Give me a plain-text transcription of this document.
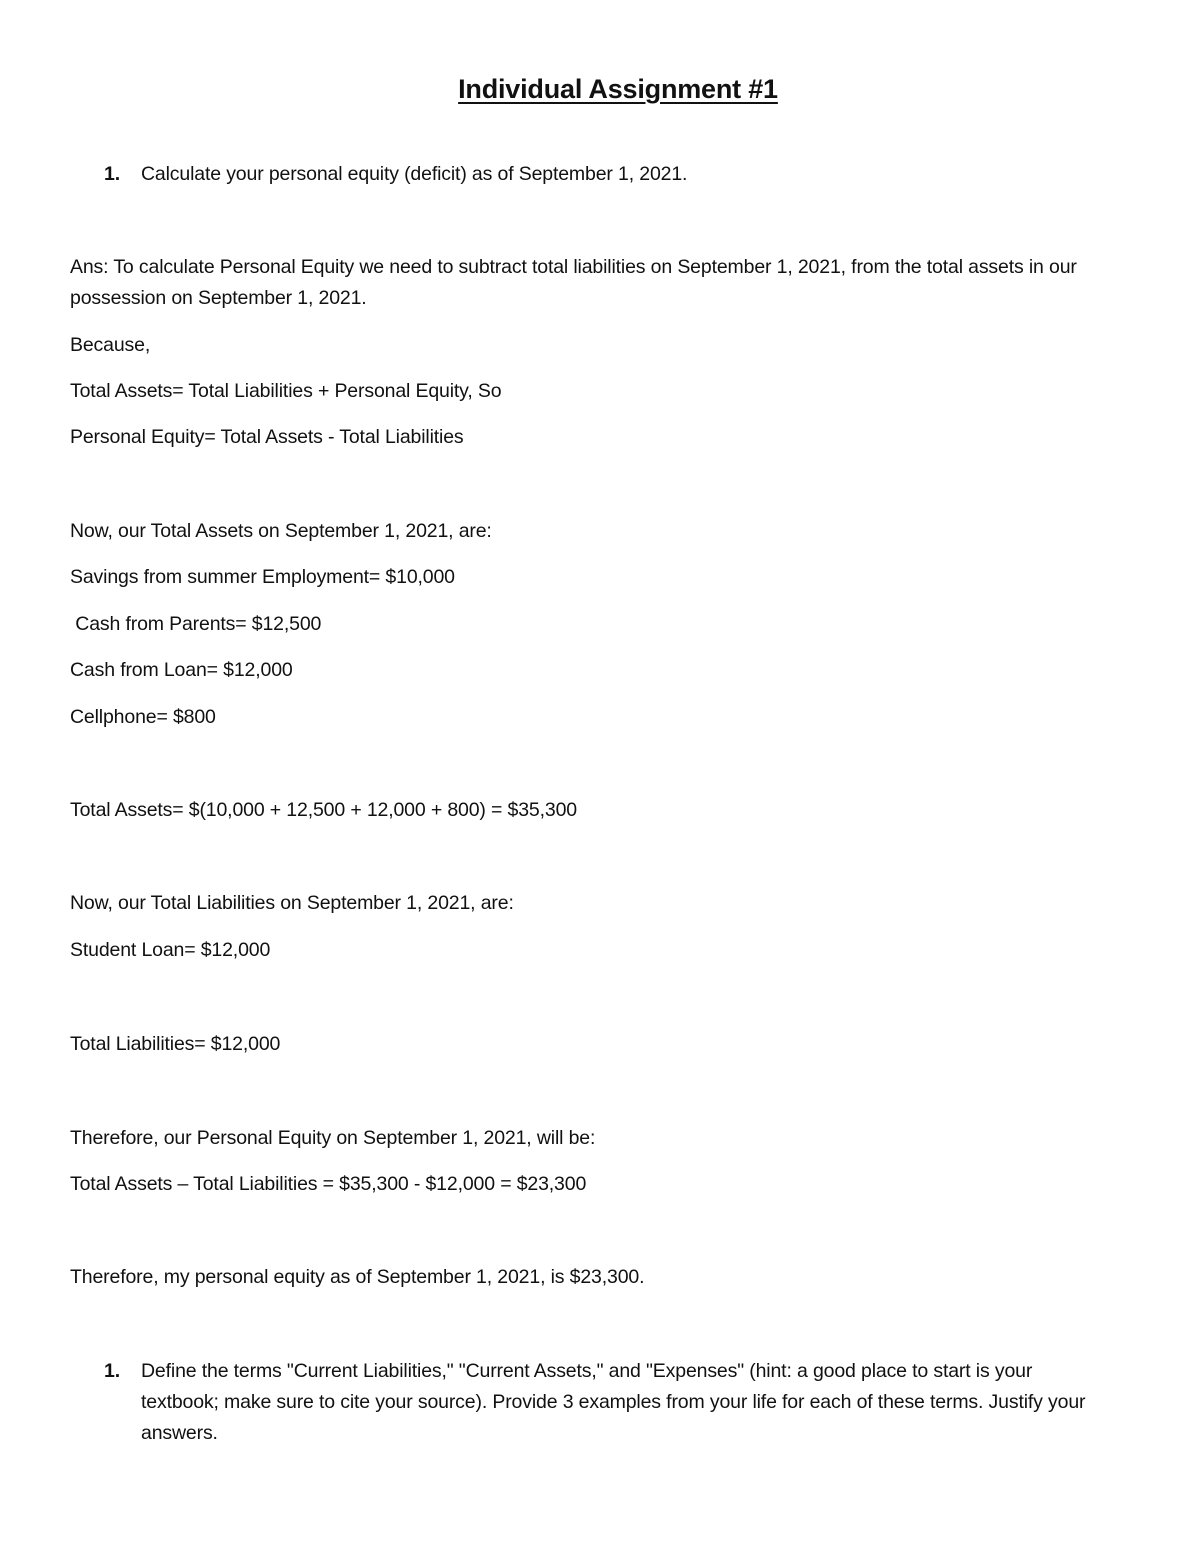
Individual Assignment #1
1. Calculate your personal equity (deficit) as of September 1, 2021.
Ans: To calculate Personal Equity we need to subtract total liabilities on September 1, 2021, from the total assets in our possession on September 1, 2021.
Because,
Total Assets= Total Liabilities + Personal Equity, So
Personal Equity= Total Assets - Total Liabilities
Now, our Total Assets on September 1, 2021, are:
Savings from summer Employment= $10,000
Cash from Parents= $12,500
Cash from Loan= $12,000
Cellphone= $800
Total Assets= $(10,000 + 12,500 + 12,000 + 800) = $35,300
Now, our Total Liabilities on September 1, 2021, are:
Student Loan= $12,000
Total Liabilities= $12,000
Therefore, our Personal Equity on September 1, 2021, will be:
Total Assets – Total Liabilities = $35,300 - $12,000 = $23,300
Therefore, my personal equity as of September 1, 2021, is $23,300.
1. Define the terms "Current Liabilities," "Current Assets," and "Expenses" (hint: a good place to start is your textbook; make sure to cite your source). Provide 3 examples from your life for each of these terms. Justify your answers.
